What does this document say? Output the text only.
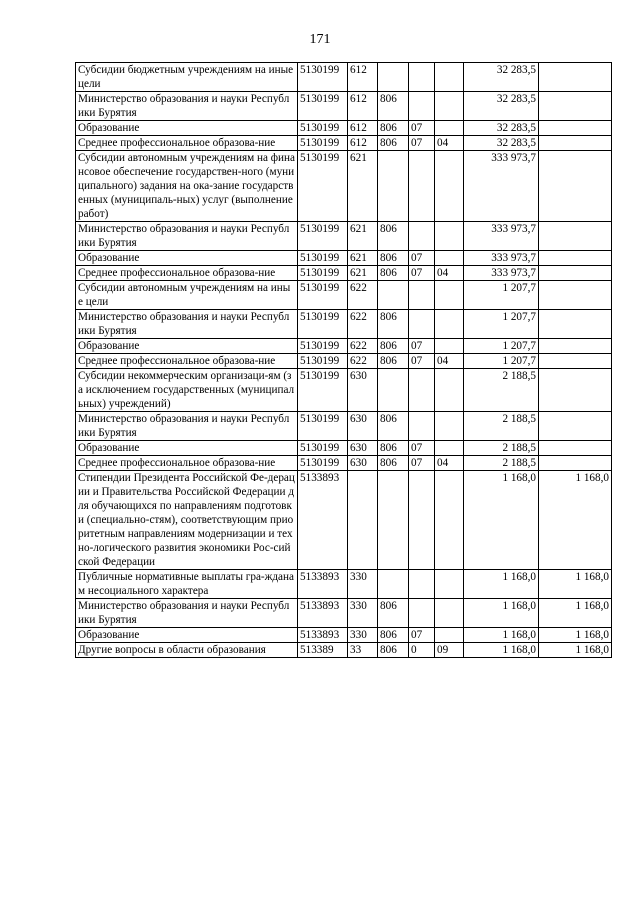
171
Субсидии бюджетным учреждениям на иные цели	5130199	612				32 283,5	
Министерство образования и науки Республики Бурятия	5130199	612	806			32 283,5	
Образование	5130199	612	806	07		32 283,5	
Среднее профессиональное образова-ние	5130199	612	806	07	04	32 283,5	
Субсидии автономным учреждениям на финансовое обеспечение государствен-ного (муниципального) задания на ока-зание государственных (муниципаль-ных) услуг (выполнение работ)	5130199	621				333 973,7	
Министерство образования и науки Республики Бурятия	5130199	621	806			333 973,7	
Образование	5130199	621	806	07		333 973,7	
Среднее профессиональное образова-ние	5130199	621	806	07	04	333 973,7	
Субсидии автономным учреждениям на иные цели	5130199	622				1 207,7	
Министерство образования и науки Республики Бурятия	5130199	622	806			1 207,7	
Образование	5130199	622	806	07		1 207,7	
Среднее профессиональное образова-ние	5130199	622	806	07	04	1 207,7	
Субсидии некоммерческим организаци-ям (за исключением государственных (муниципальных) учреждений)	5130199	630				2 188,5	
Министерство образования и науки Республики Бурятия	5130199	630	806			2 188,5	
Образование	5130199	630	806	07		2 188,5	
Среднее профессиональное образова-ние	5130199	630	806	07	04	2 188,5	
Стипендии Президента Российской Фе-дерации и Правительства Российской Федерации для обучающихся по направлениям подготовки (специально-стям), соответствующим приоритетным направлениям модернизации и техно-логического развития экономики Рос-сийской Федерации	5133893					1 168,0	1 168,0
Публичные нормативные выплаты гра-жданам несоциального характера	5133893	330				1 168,0	1 168,0
Министерство образования и науки Республики Бурятия	5133893	330	806			1 168,0	1 168,0
Образование	5133893	330	806	07		1 168,0	1 168,0
Другие вопросы в области образования	513389	33	806	0	09	1 168,0	1 168,0
